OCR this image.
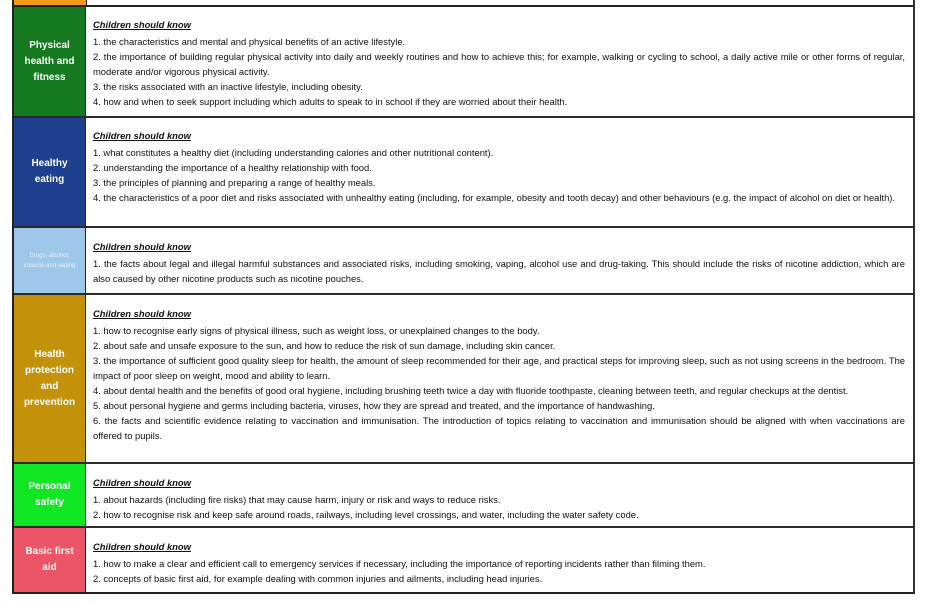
Physical health and fitness
Children should know
1. the characteristics and mental and physical benefits of an active lifestyle.
2. the importance of building regular physical activity into daily and weekly routines and how to achieve this; for example, walking or cycling to school, a daily active mile or other forms of regular, moderate and/or vigorous physical activity.
3. the risks associated with an inactive lifestyle, including obesity.
4. how and when to seek support including which adults to speak to in school if they are worried about their health.
Healthy eating
Children should know
1. what constitutes a healthy diet (including understanding calories and other nutritional content).
2. understanding the importance of a healthy relationship with food.
3. the principles of planning and preparing a range of healthy meals.
4. the characteristics of a poor diet and risks associated with unhealthy eating (including, for example, obesity and tooth decay) and other behaviours (e.g. the impact of alcohol on diet or health).
Drugs, alcohol, tobacco and vaping
Children should know
1. the facts about legal and illegal harmful substances and associated risks, including smoking, vaping, alcohol use and drug-taking. This should include the risks of nicotine addiction, which are also caused by other nicotine products such as nicotine pouches.
Health protection and prevention
Children should know
1. how to recognise early signs of physical illness, such as weight loss, or unexplained changes to the body.
2. about safe and unsafe exposure to the sun, and how to reduce the risk of sun damage, including skin cancer.
3. the importance of sufficient good quality sleep for health, the amount of sleep recommended for their age, and practical steps for improving sleep, such as not using screens in the bedroom. The impact of poor sleep on weight, mood and ability to learn.
4. about dental health and the benefits of good oral hygiene, including brushing teeth twice a day with fluoride toothpaste, cleaning between teeth, and regular checkups at the dentist.
5. about personal hygiene and germs including bacteria, viruses, how they are spread and treated, and the importance of handwashing.
6. the facts and scientific evidence relating to vaccination and immunisation. The introduction of topics relating to vaccination and immunisation should be aligned with when vaccinations are offered to pupils.
Personal safety
Children should know
1. about hazards (including fire risks) that may cause harm, injury or risk and ways to reduce risks.
2. how to recognise risk and keep safe around roads, railways, including level crossings, and water, including the water safety code.
Basic first aid
Children should know
1. how to make a clear and efficient call to emergency services if necessary, including the importance of reporting incidents rather than filming them.
2. concepts of basic first aid, for example dealing with common injuries and ailments, including head injuries.
